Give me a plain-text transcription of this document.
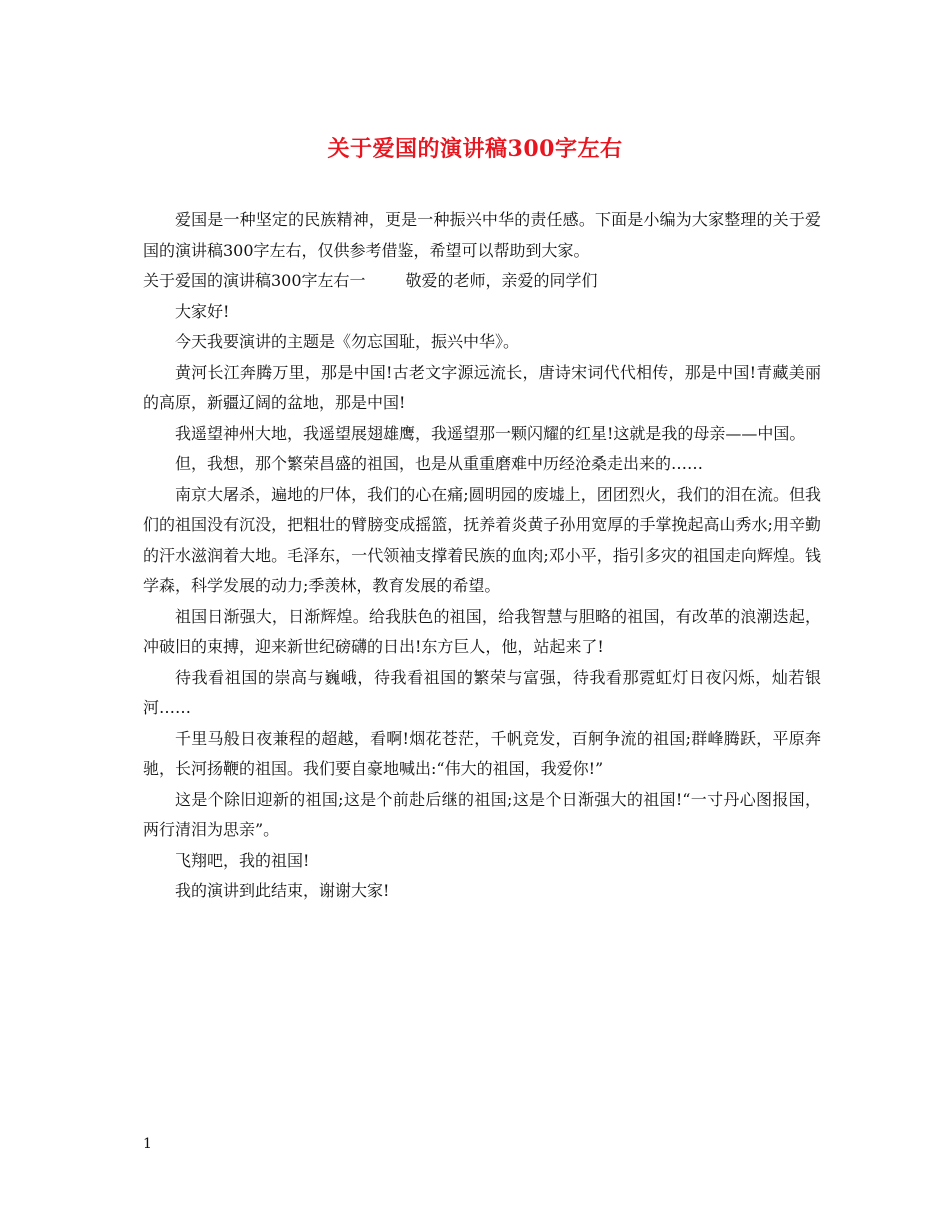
关于爱国的演讲稿300字左右

爱国是一种坚定的民族精神，更是一种振兴中华的责任感。下面是小编为大家整理的关于爱国的演讲稿300字左右，仅供参考借鉴，希望可以帮助到大家。

关于爱国的演讲稿300字左右一	敬爱的老师，亲爱的同学们

大家好!

今天我要演讲的主题是《勿忘国耻，振兴中华》。

黄河长江奔腾万里，那是中国!古老文字源远流长，唐诗宋词代代相传，那是中国!青藏美丽的高原，新疆辽阔的盆地，那是中国!

我遥望神州大地，我遥望展翅雄鹰，我遥望那一颗闪耀的红星!这就是我的母亲——中国。

但，我想，那个繁荣昌盛的祖国，也是从重重磨难中历经沧桑走出来的……

南京大屠杀，遍地的尸体，我们的心在痛;圆明园的废墟上，团团烈火，我们的泪在流。但我们的祖国没有沉没，把粗壮的臂膀变成摇篮，抚养着炎黄子孙用宽厚的手掌挽起高山秀水;用辛勤的汗水滋润着大地。毛泽东，一代领袖支撑着民族的血肉;邓小平，指引多灾的祖国走向辉煌。钱学森，科学发展的动力;季羡林，教育发展的希望。

祖国日渐强大，日渐辉煌。给我肤色的祖国，给我智慧与胆略的祖国，有改革的浪潮迭起，冲破旧的束搏，迎来新世纪磅礴的日出!东方巨人，他，站起来了!

待我看祖国的崇高与巍峨，待我看祖国的繁荣与富强，待我看那霓虹灯日夜闪烁，灿若银河……

千里马般日夜兼程的超越，看啊!烟花苍茫，千帆竞发，百舸争流的祖国;群峰腾跃，平原奔驰，长河扬鞭的祖国。我们要自豪地喊出:“伟大的祖国，我爱你!”

这是个除旧迎新的祖国;这是个前赴后继的祖国;这是个日渐强大的祖国!“一寸丹心图报国，两行清泪为思亲”。

飞翔吧，我的祖国!

我的演讲到此结束，谢谢大家!

1
